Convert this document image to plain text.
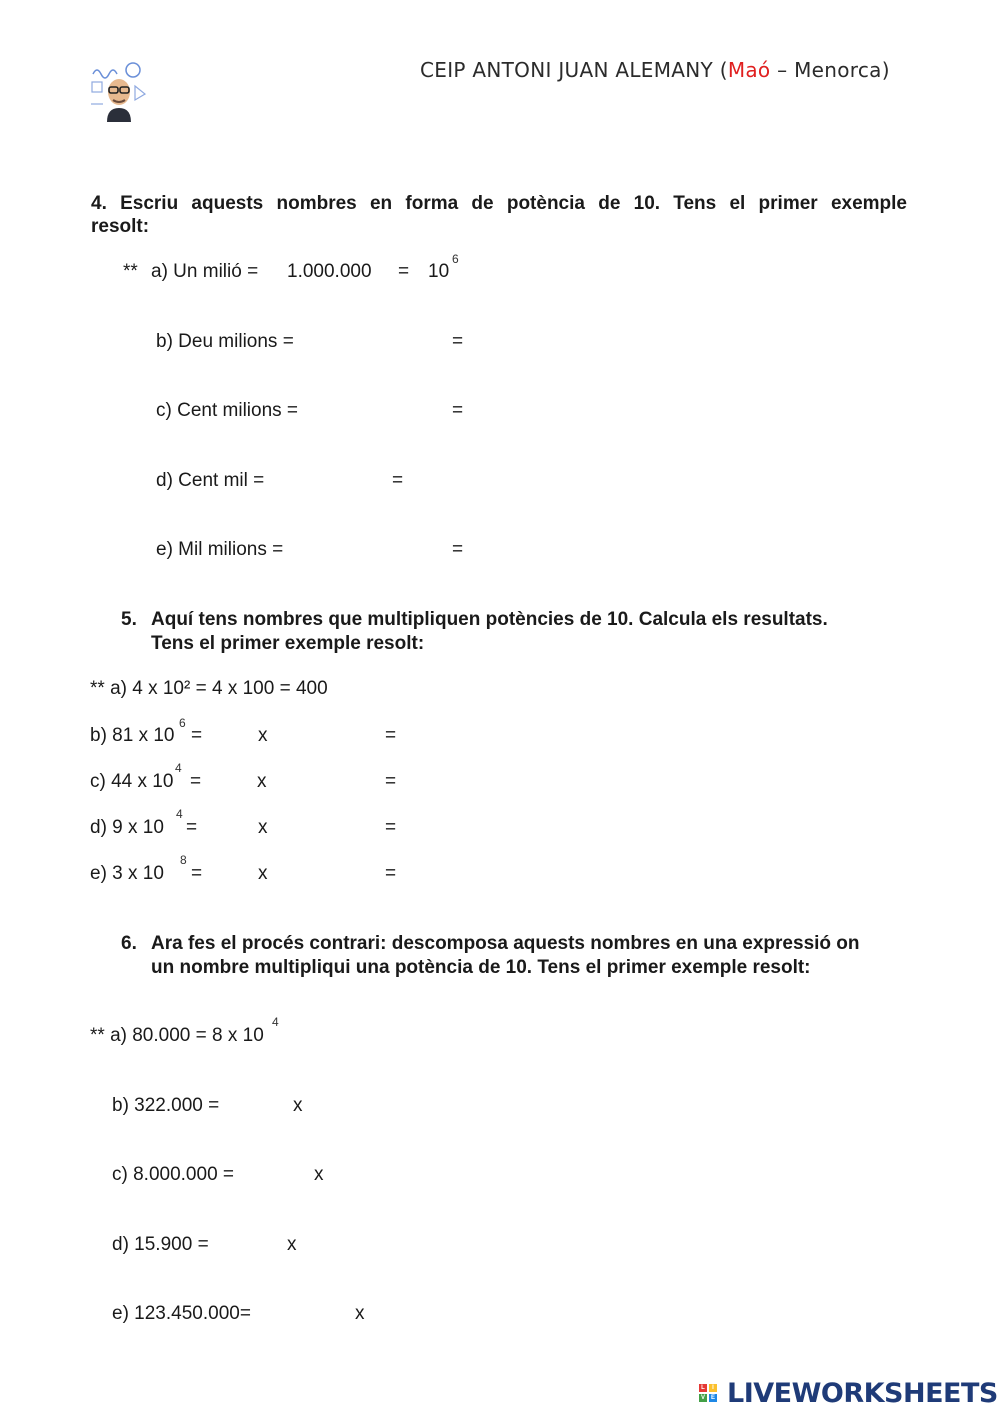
CEIP ANTONI JUAN ALEMANY (Maó – Menorca)
4. Escriu aquests nombres en forma de potència de 10. Tens el primer exemple
resolt:
** a) Un milió = 1.000.000 = 10
6
b) Deu milions =	=
c) Cent milions =	=
d) Cent mil =	=
e) Mil milions =	=
5. Aquí tens nombres que multipliquen potències de 10. Calcula els resultats.
Tens el primer exemple resolt:
** a) 4 x 10² = 4 x 100 = 400
b) 81 x 10
6
=	x	=
c) 44 x 10
4
=	x	=
d) 9 x 10
4
=	x	=
e) 3 x 10
8
=	x	=
6. Ara fes el procés contrari: descomposa aquests nombres en una expressió on
un nombre multipliqui una potència de 10. Tens el primer exemple resolt:
** a) 80.000 = 8 x 10
4
b) 322.000 =	x
c) 8.000.000 =	x
d) 15.900 =	x
e) 123.450.000=	x
L	I
V E LIVEWORKSHEETS
